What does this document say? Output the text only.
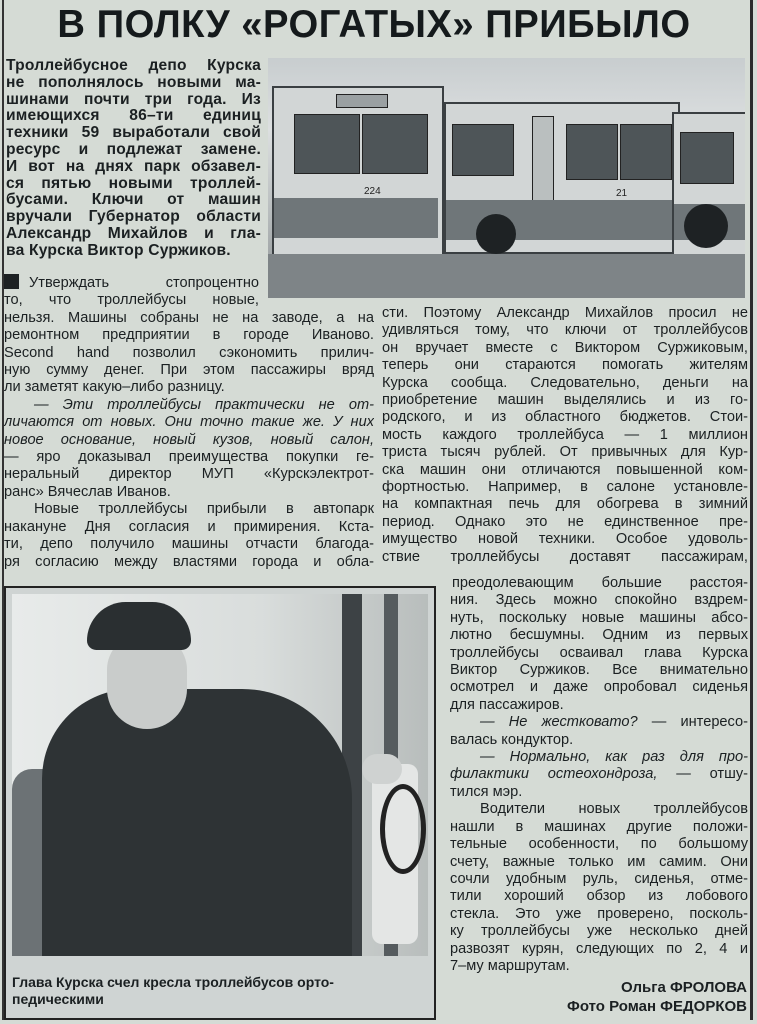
В ПОЛКУ «РОГАТЫХ» ПРИБЫЛО
Троллейбусное депо Курска
не пополнялось новыми ма-
шинами почти три года. Из
имеющихся 86–ти единиц
техники 59 выработали свой
ресурс и подлежат замене.
И вот на днях парк обзавел-
ся пятью новыми троллей-
бусами. Ключи от машин
вручали Губернатор области
Александр Михайлов и гла-
ва Курска Виктор Суржиков.
224	21
Утверждать стопроцентно
то, что троллейбусы новые,
нельзя. Машины собраны не на заводе, а на
ремонтном предприятии в городе Иваново.
Second hand позволил сэкономить прилич-
ную сумму денег. При этом пассажиры вряд
ли заметят какую–либо разницу.
— Эти троллейбусы практически не от-
личаются от новых. Они точно такие же. У них
новое основание, новый кузов, новый салон,
— яро доказывал преимущества покупки ге-
неральный директор МУП «Курскэлектрот-
ранс» Вячеслав Иванов.
Новые троллейбусы прибыли в автопарк
накануне Дня согласия и примирения. Кста-
ти, депо получило машины отчасти благода-
ря согласию между властями города и обла-
сти. Поэтому Александр Михайлов просил не
удивляться тому, что ключи от троллейбусов
он вручает вместе с Виктором Суржиковым,
теперь они стараются помогать жителям
Курска сообща. Следовательно, деньги на
приобретение машин выделялись и из го-
родского, и из областного бюджетов. Стои-
мость каждого троллейбуса — 1 миллион
триста тысяч рублей. От привычных для Кур-
ска машин они отличаются повышенной ком-
фортностью. Например, в салоне установле-
на компактная печь для обогрева в зимний
период. Однако это не единственное пре-
имущество новой техники. Особое удоволь-
ствие троллейбусы доставят пассажирам,
преодолевающим большие расстоя-
ния. Здесь можно спокойно вздрем-
нуть, поскольку новые машины абсо-
лютно бесшумны. Одним из первых
троллейбусы осваивал глава Курска
Виктор Суржиков. Все внимательно
осмотрел и даже опробовал сиденья
для пассажиров.
— Не жестковато? — интересо-
валась кондуктор.
— Нормально, как раз для про-
филактики остеохондроза, — отшу-
тился мэр.
Водители новых троллейбусов
нашли в машинах другие положи-
тельные особенности, по большому
счету, важные только им самим. Они
сочли удобным руль, сиденья, отме-
тили хороший обзор из лобового
стекла. Это уже проверено, посколь-
ку троллейбусы уже несколько дней
развозят курян, следующих по 2, 4 и
7–му маршрутам.
Глава Курска счел кресла троллейбусов орто-
педическими
Ольга ФРОЛОВА
Фото Роман ФЕДОРКОВ
